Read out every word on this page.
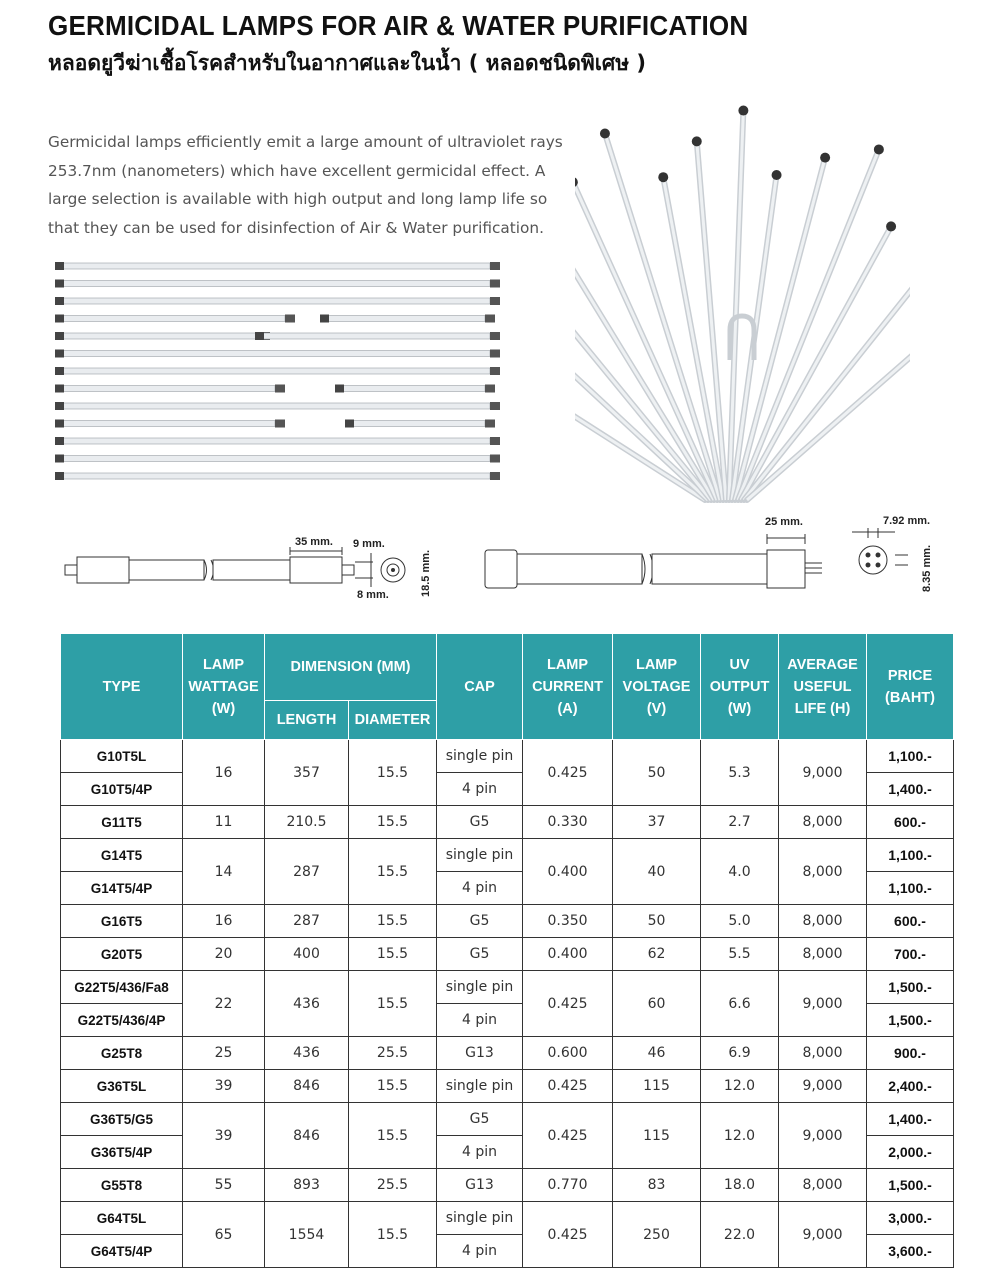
GERMICIDAL LAMPS FOR AIR & WATER PURIFICATION
หลอดยูวีฆ่าเชื้อโรคสำหรับในอากาศและในน้ำ ( หลอดชนิดพิเศษ )

Germicidal lamps efficiently emit a large amount of ultraviolet rays 253.7nm (nanometers) which have excellent germicidal effect. A large selection is available with high output and long lamp life so that they can be used for disinfection of Air & Water purification.

35 mm. 9 mm.
8 mm.	18.5 mm.
25 mm.	7.92 mm.
8.35 mm.
TYPE	LAMP WATTAGE (W)	DIMENSION (MM)		CAP	LAMP CURRENT (A)	LAMP VOLTAGE (V)	UV OUTPUT (W)	AVERAGE USEFUL LIFE (H)	PRICE (BAHT)
		LENGTH	DIAMETER						
G10T5L	16	357	15.5	single pin	0.425	50	5.3	9,000	1,100.-
G10T5/4P				4 pin					1,400.-
G11T5	11	210.5	15.5	G5	0.330	37	2.7	8,000	600.-
G14T5	14	287	15.5	single pin	0.400	40	4.0	8,000	1,100.-
G14T5/4P				4 pin					1,100.-
G16T5	16	287	15.5	G5	0.350	50	5.0	8,000	600.-
G20T5	20	400	15.5	G5	0.400	62	5.5	8,000	700.-
G22T5/436/Fa8	22	436	15.5	single pin	0.425	60	6.6	9,000	1,500.-
G22T5/436/4P				4 pin					1,500.-
G25T8	25	436	25.5	G13	0.600	46	6.9	8,000	900.-
G36T5L	39	846	15.5	single pin	0.425	115	12.0	9,000	2,400.-
G36T5/G5	39	846	15.5	G5	0.425	115	12.0	9,000	1,400.-
G36T5/4P				4 pin					2,000.-
G55T8	55	893	25.5	G13	0.770	83	18.0	8,000	1,500.-
G64T5L	65	1554	15.5	single pin	0.425	250	22.0	9,000	3,000.-
G64T5/4P				4 pin					3,600.-
